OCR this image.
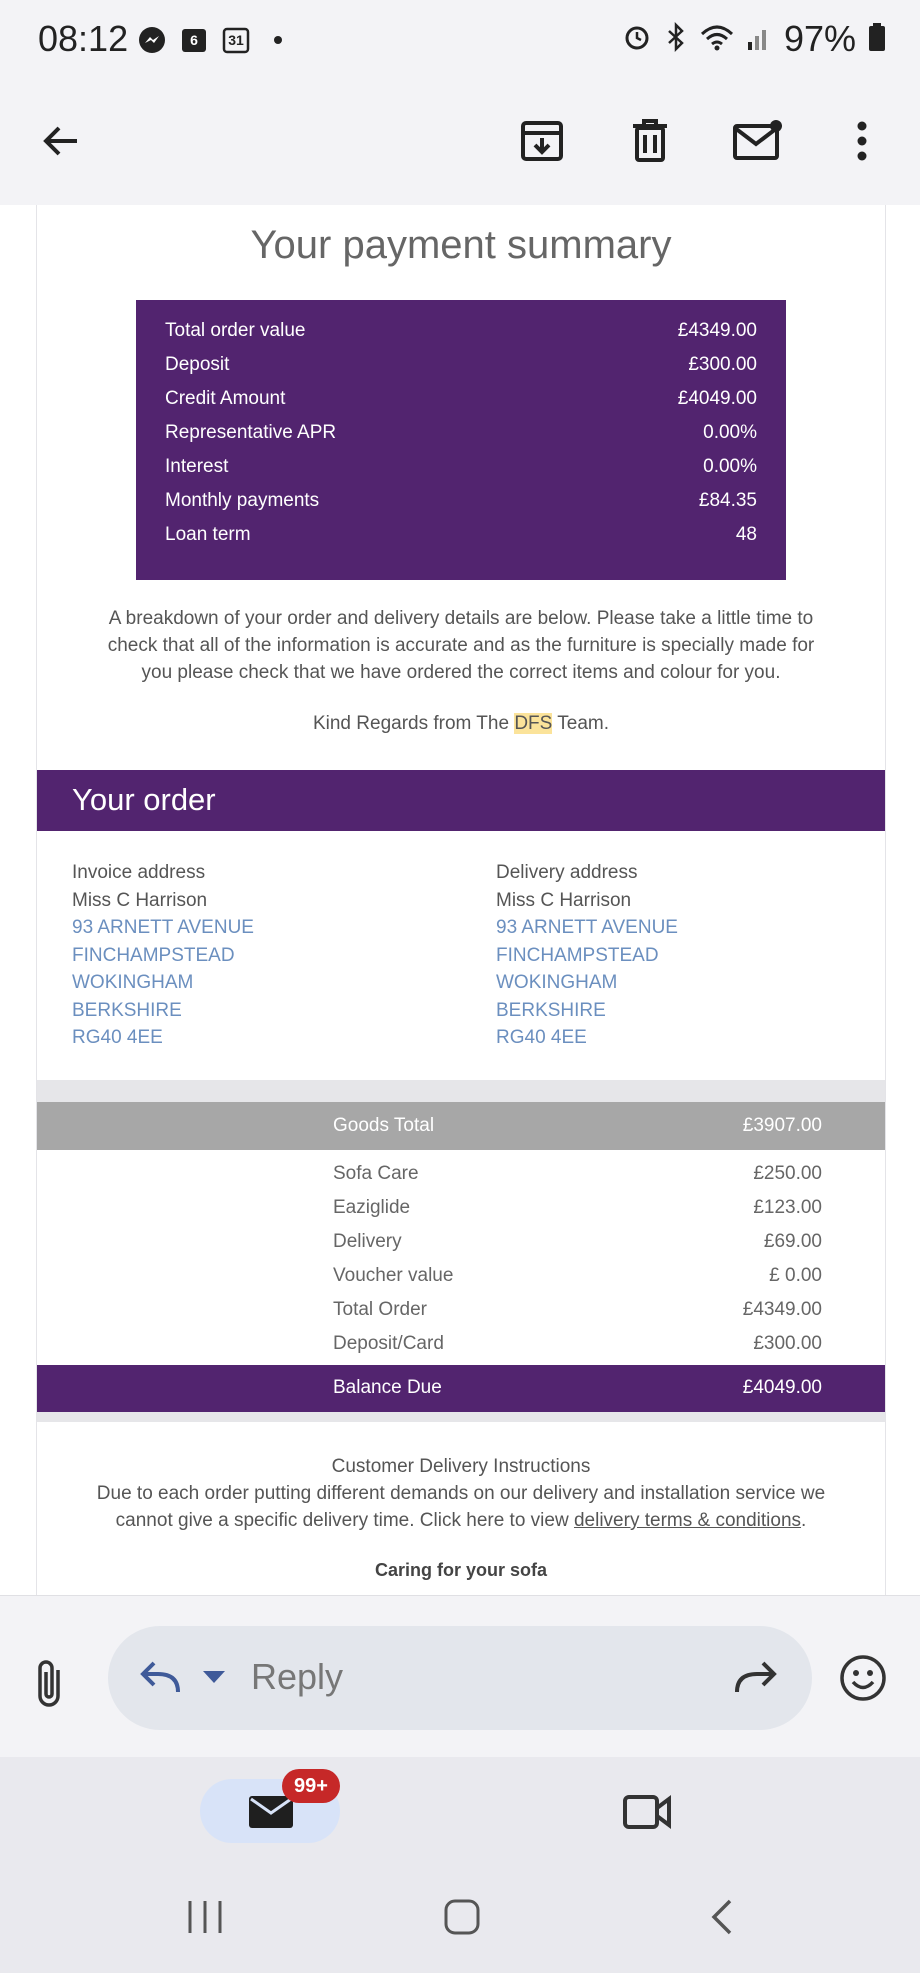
08:12	6	31	97%
Your payment summary
Total order value	£4349.00
Deposit	£300.00
Credit Amount	£4049.00
Representative APR	0.00%
Interest	0.00%
Monthly payments	£84.35
Loan term	48
A breakdown of your order and delivery details are below. Please take a little time to check that all of the information is accurate and as the furniture is specially made for you please check that we have ordered the correct items and colour for you.
Kind Regards from The DFS Team.
Your order
Invoice address
Miss C Harrison
93 ARNETT AVENUE
FINCHAMPSTEAD
WOKINGHAM
BERKSHIRE
RG40 4EE
Delivery address
Miss C Harrison
93 ARNETT AVENUE
FINCHAMPSTEAD
WOKINGHAM
BERKSHIRE
RG40 4EE
Goods Total	£3907.00
Sofa Care	£250.00
Eaziglide	£123.00
Delivery	£69.00
Voucher value	£ 0.00
Total Order	£4349.00
Deposit/Card	£300.00
Balance Due	£4049.00
Customer Delivery Instructions
Due to each order putting different demands on our delivery and installation service we cannot give a specific delivery time. Click here to view delivery terms & conditions.
Caring for your sofa
Reply
99+
